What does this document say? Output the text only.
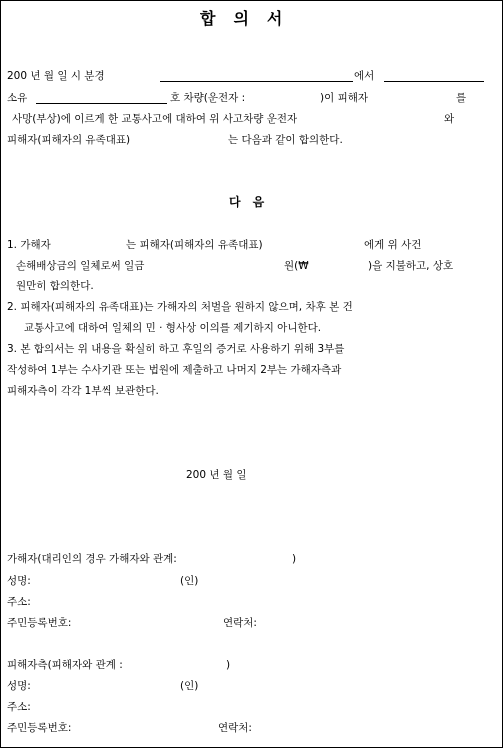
합의서
200 년 월 일 시 분경	에서
소유	호 차량(운전자 :	)이 피해자	를
사망(부상)에 이르게 한 교통사고에 대하여 위 사고차량 운전자	와
피해자(피해자의 유족대표)	는 다음과 같이 합의한다.
다음
1. 가해자	는 피해자(피해자의 유족대표)	에게 위 사건
손해배상금의 일체로써 일금	원(₩	)을 지불하고, 상호
원만히 합의한다.
2. 피해자(피해자의 유족대표)는 가해자의 처벌을 원하지 않으며, 차후 본 건
교통사고에 대하여 일체의 민 · 형사상 이의를 제기하지 아니한다.
3. 본 합의서는 위 내용을 확실히 하고 후일의 증거로 사용하기 위해 3부를
작성하여 1부는 수사기관 또는 법원에 제출하고 나머지 2부는 가해자측과
피해자측이 각각 1부씩 보관한다.
200 년 월 일
가해자(대리인의 경우 가해자와 관계:	)
성명:	(인)
주소:
주민등록번호:	연락처:
피해자측(피해자와 관계 :	)
성명:	(인)
주소:
주민등록번호:	연락처:
